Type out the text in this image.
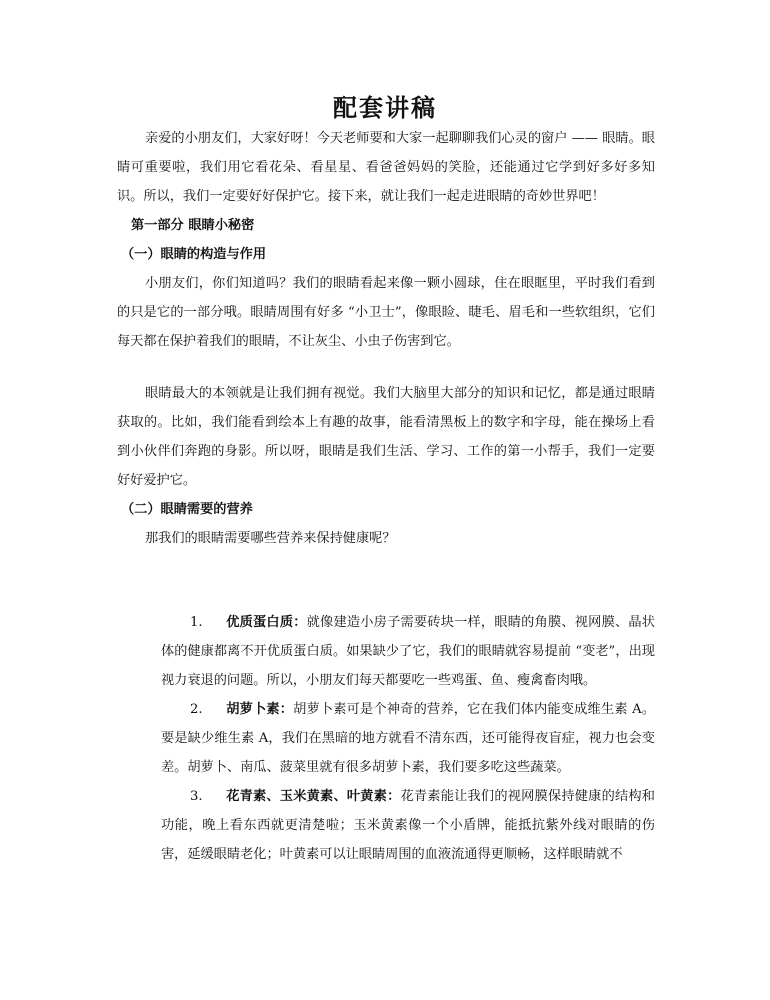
配套讲稿

亲爱的小朋友们，大家好呀！今天老师要和大家一起聊聊我们心灵的窗户 —— 眼睛。眼睛可重要啦，我们用它看花朵、看星星、看爸爸妈妈的笑脸，还能通过它学到好多好多知识。所以，我们一定要好好保护它。接下来，就让我们一起走进眼睛的奇妙世界吧！

第一部分 眼睛小秘密

（一）眼睛的构造与作用

小朋友们，你们知道吗？我们的眼睛看起来像一颗小圆球，住在眼眶里，平时我们看到的只是它的一部分哦。眼睛周围有好多 “小卫士”，像眼睑、睫毛、眉毛和一些软组织，它们每天都在保护着我们的眼睛，不让灰尘、小虫子伤害到它。

眼睛最大的本领就是让我们拥有视觉。我们大脑里大部分的知识和记忆，都是通过眼睛获取的。比如，我们能看到绘本上有趣的故事，能看清黑板上的数字和字母，能在操场上看到小伙伴们奔跑的身影。所以呀，眼睛是我们生活、学习、工作的第一小帮手，我们一定要好好爱护它。

（二）眼睛需要的营养

那我们的眼睛需要哪些营养来保持健康呢？

1. 优质蛋白质：就像建造小房子需要砖块一样，眼睛的角膜、视网膜、晶状体的健康都离不开优质蛋白质。如果缺少了它，我们的眼睛就容易提前 “变老”，出现视力衰退的问题。所以，小朋友们每天都要吃一些鸡蛋、鱼、瘦禽畜肉哦。

2. 胡萝卜素：胡萝卜素可是个神奇的营养，它在我们体内能变成维生素 A。要是缺少维生素 A，我们在黑暗的地方就看不清东西，还可能得夜盲症，视力也会变差。胡萝卜、南瓜、菠菜里就有很多胡萝卜素，我们要多吃这些蔬菜。

3. 花青素、玉米黄素、叶黄素：花青素能让我们的视网膜保持健康的结构和功能，晚上看东西就更清楚啦；玉米黄素像一个小盾牌，能抵抗紫外线对眼睛的伤害，延缓眼睛老化；叶黄素可以让眼睛周围的血液流通得更顺畅，这样眼睛就不
